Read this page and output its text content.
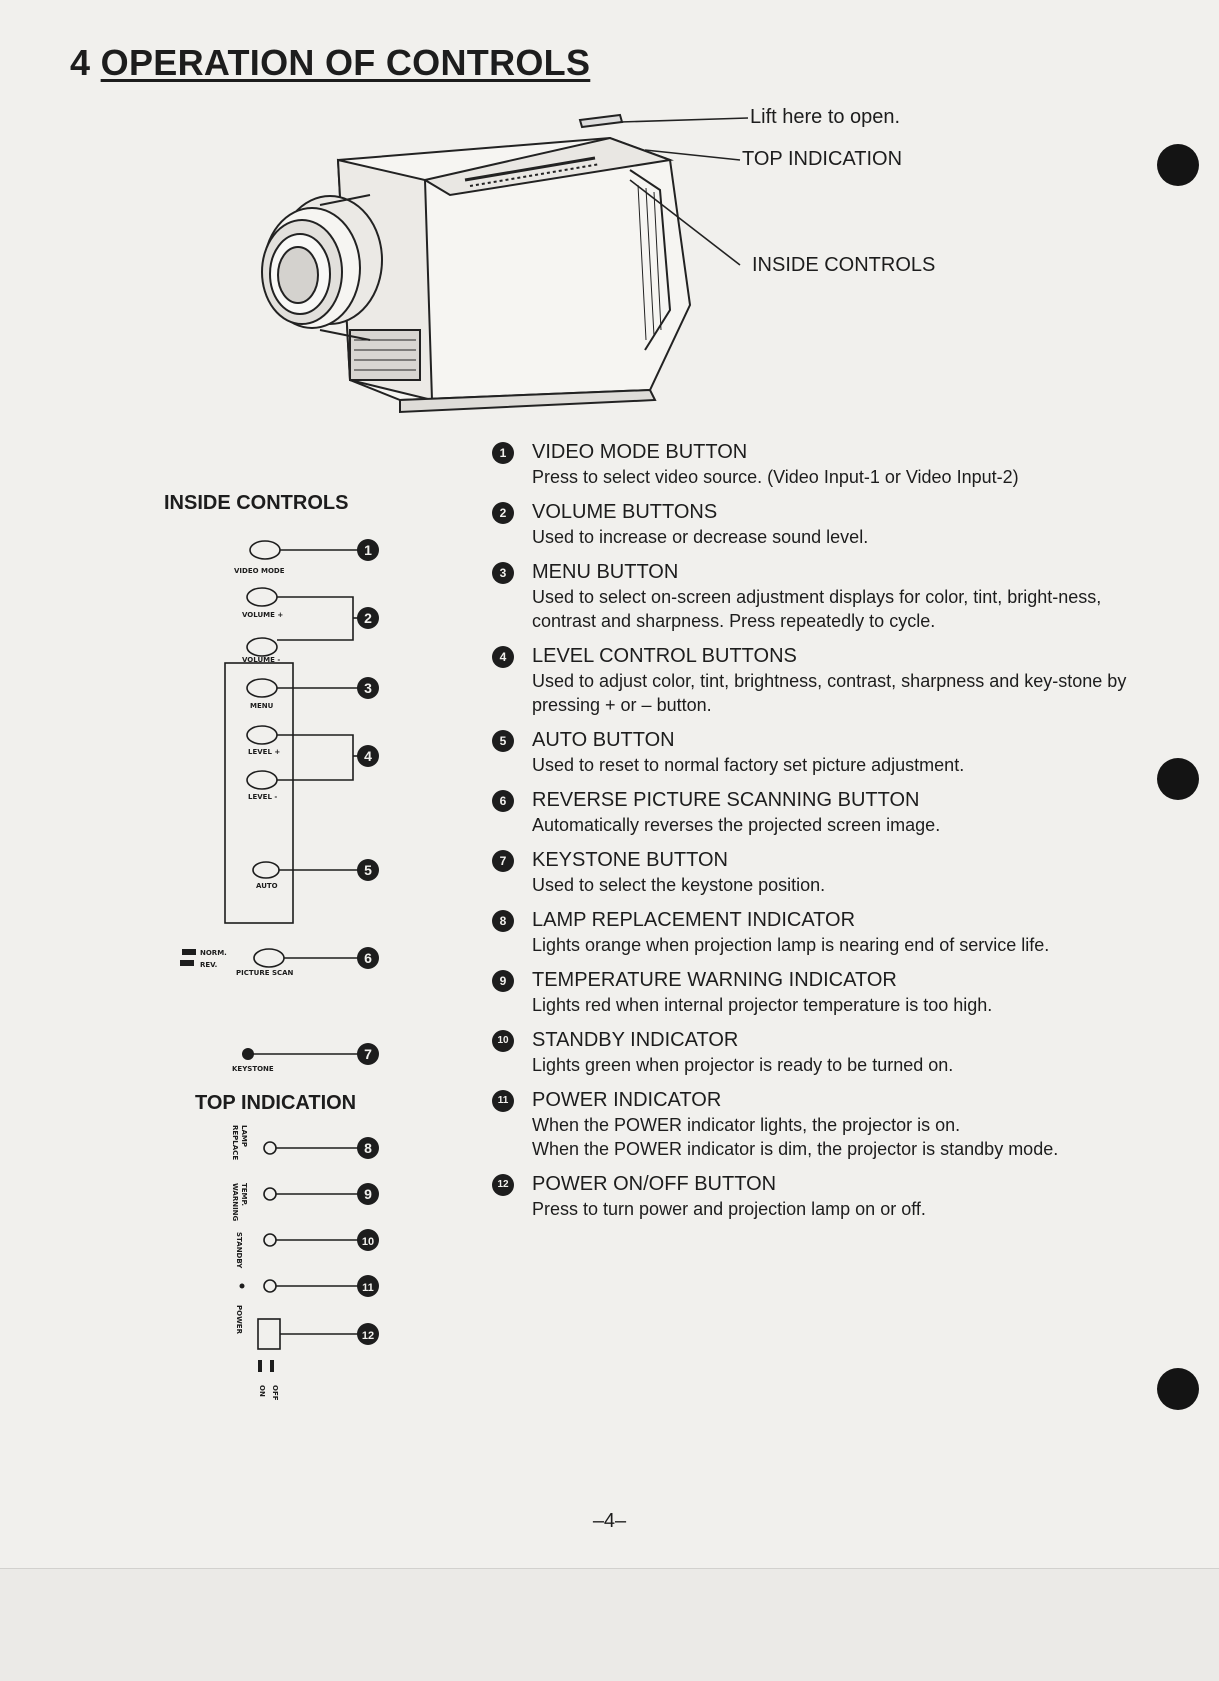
4 OPERATION OF CONTROLS
Lift here to open.
TOP INDICATION
INSIDE CONTROLS
INSIDE CONTROLS
TOP INDICATION
VIDEO MODE
VOLUME +
VOLUME -
MENU
LEVEL +
LEVEL -
AUTO
NORM.
REV.
PICTURE SCAN
KEYSTONE
LAMP
REPLACE
TEMP.
WARNING
STANDBY
POWER
ON OFF
1
2
3
4
5
6
7
8
9
10
11
12
1	VIDEO MODE BUTTON
Press to select video source. (Video Input-1 or Video Input-2)
2	VOLUME BUTTONS
Used to increase or decrease sound level.
3	MENU BUTTON
Used to select on-screen adjustment displays for color, tint, bright-ness, contrast and sharpness. Press repeatedly to cycle.
4	LEVEL CONTROL BUTTONS
Used to adjust color, tint, brightness, contrast, sharpness and key-stone by pressing + or – button.
5	AUTO BUTTON
Used to reset to normal factory set picture adjustment.
6	REVERSE PICTURE SCANNING BUTTON
Automatically reverses the projected screen image.
7	KEYSTONE BUTTON
Used to select the keystone position.
8	LAMP REPLACEMENT INDICATOR
Lights orange when projection lamp is nearing end of service life.
9	TEMPERATURE WARNING INDICATOR
Lights red when internal projector temperature is too high.
10 STANDBY INDICATOR
Lights green when projector is ready to be turned on.
11 POWER INDICATOR
When the POWER indicator lights, the projector is on.
When the POWER indicator is dim, the projector is standby mode.
12 POWER ON/OFF BUTTON
Press to turn power and projection lamp on or off.
–4–
